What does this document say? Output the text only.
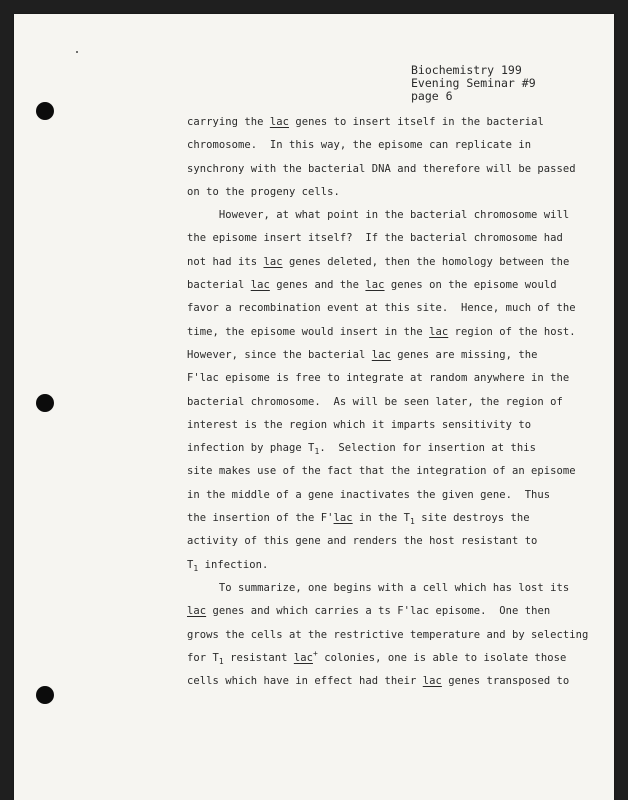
Biochemistry 199
Evening Seminar #9
page 6
carrying the lac genes to insert itself in the bacterial
chromosome.  In this way, the episome can replicate in
synchrony with the bacterial DNA and therefore will be passed
on to the progeny cells.
However, at what point in the bacterial chromosome will
the episome insert itself?  If the bacterial chromosome had
not had its lac genes deleted, then the homology between the
bacterial lac genes and the lac genes on the episome would
favor a recombination event at this site.  Hence, much of the
time, the episome would insert in the lac region of the host.
However, since the bacterial lac genes are missing, the
F'lac episome is free to integrate at random anywhere in the
bacterial chromosome.  As will be seen later, the region of
interest is the region which it imparts sensitivity to
infection by phage $T_1$.  Selection for insertion at this
site makes use of the fact that the integration of an episome
in the middle of a gene inactivates the given gene.  Thus
the insertion of the F'lac in the $T_1$ site destroys the
activity of this gene and renders the host resistant to
$T_1$ infection.
To summarize, one begins with a cell which has lost its
lac genes and which carries a ts F'lac episome.  One then
grows the cells at the restrictive temperature and by selecting
for $T_1$ resistant lac+ colonies, one is able to isolate those
cells which have in effect had their lac genes transposed to
